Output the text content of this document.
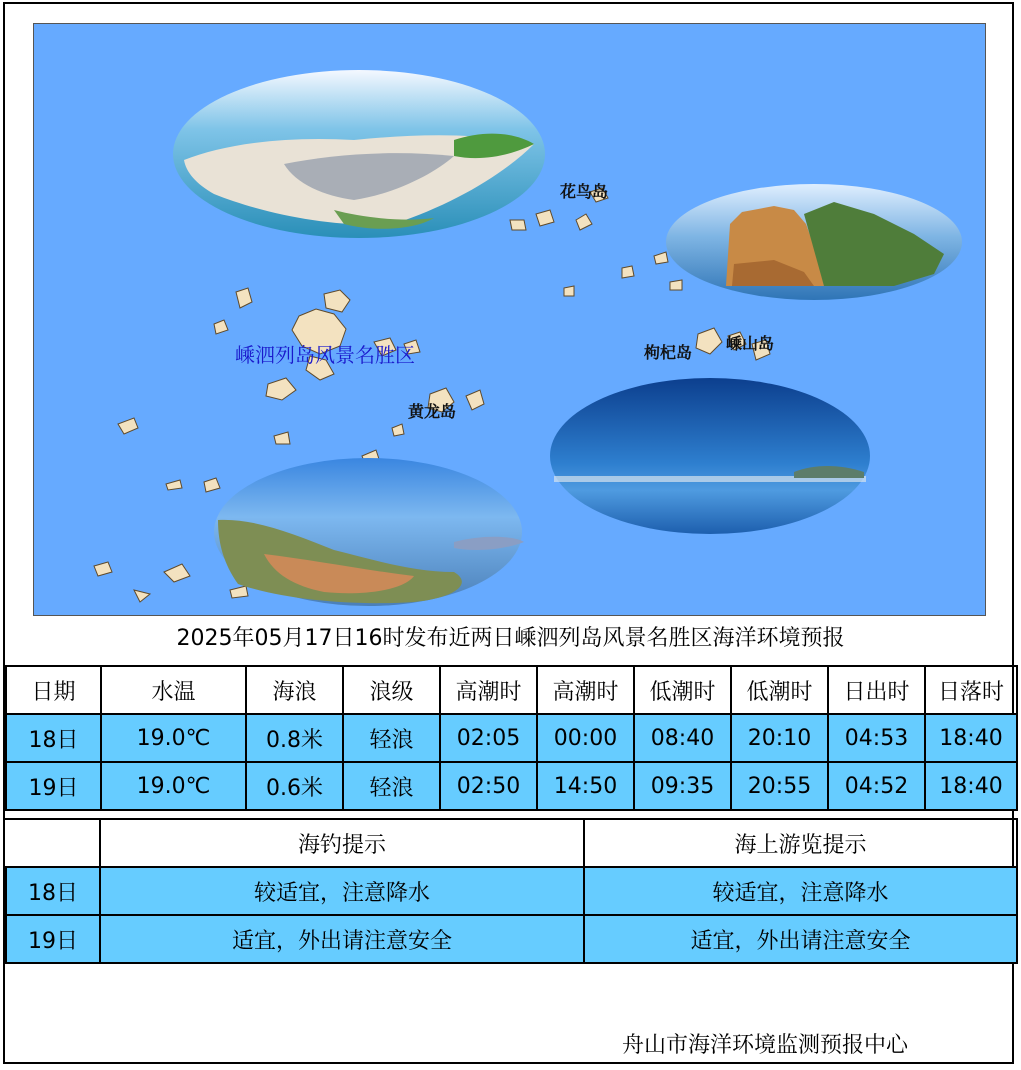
花鸟岛
嵊泗列岛风景名胜区	枸杞岛 嵊山岛
黄龙岛
2025年05月17日16时发布近两日嵊泗列岛风景名胜区海洋环境预报
日期	水温	海浪	浪级	高潮时	高潮时	低潮时	低潮时	日出时	日落时
18日	19.0℃	0.8米	轻浪	02:05	00:00	08:40	20:10	04:53	18:40
19日	19.0℃	0.6米	轻浪	02:50	14:50	09:35	20:55	04:52	18:40
	海钓提示	海上游览提示
18日	较适宜，注意降水	较适宜，注意降水
19日	适宜，外出请注意安全	适宜，外出请注意安全
舟山市海洋环境监测预报中心
